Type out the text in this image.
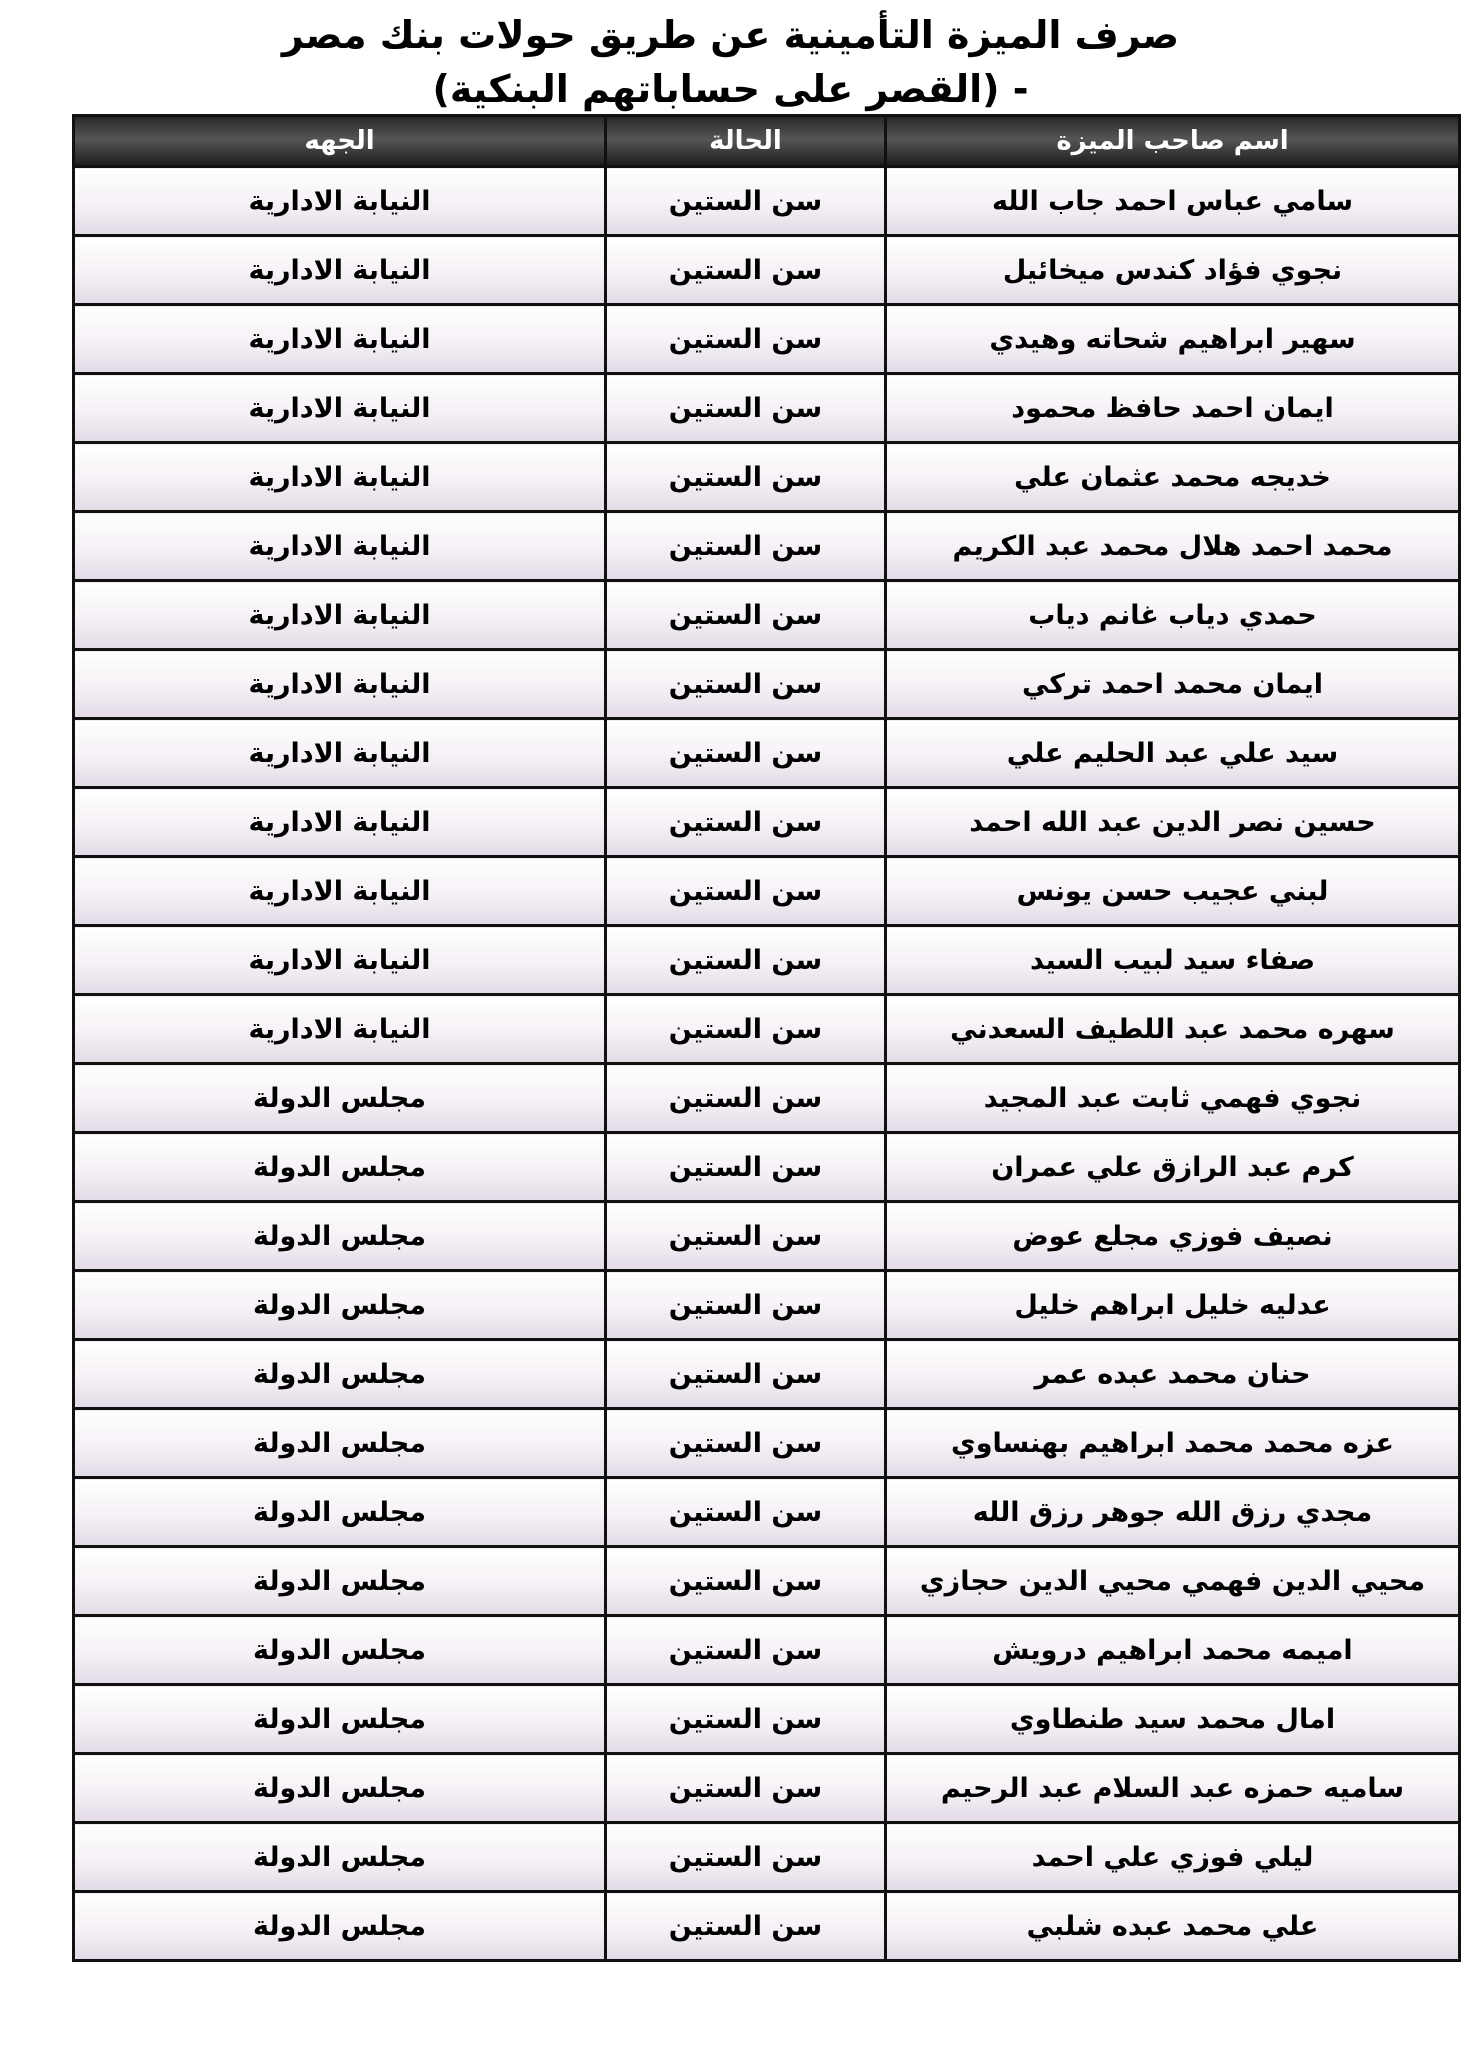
صرف الميزة التأمينية عن طريق حولات بنك مصر
- (القصر على حساباتهم البنكية)
اسم صاحب الميزة	الحالة	الجهه
سامي عباس احمد جاب الله	سن الستين	النيابة الادارية
نجوي فؤاد كندس ميخائيل	سن الستين	النيابة الادارية
سهير ابراهيم شحاته وهيدي	سن الستين	النيابة الادارية
ايمان احمد حافظ محمود	سن الستين	النيابة الادارية
خديجه محمد عثمان علي	سن الستين	النيابة الادارية
محمد احمد هلال محمد عبد الكريم	سن الستين	النيابة الادارية
حمدي دياب غانم دياب	سن الستين	النيابة الادارية
ايمان محمد احمد تركي	سن الستين	النيابة الادارية
سيد علي عبد الحليم علي	سن الستين	النيابة الادارية
حسين نصر الدين عبد الله احمد	سن الستين	النيابة الادارية
لبني عجيب حسن يونس	سن الستين	النيابة الادارية
صفاء سيد لبيب السيد	سن الستين	النيابة الادارية
سهره محمد عبد اللطيف السعدني	سن الستين	النيابة الادارية
نجوي فهمي ثابت عبد المجيد	سن الستين	مجلس الدولة
كرم عبد الرازق علي عمران	سن الستين	مجلس الدولة
نصيف فوزي مجلع عوض	سن الستين	مجلس الدولة
عدليه خليل ابراهم خليل	سن الستين	مجلس الدولة
حنان محمد عبده عمر	سن الستين	مجلس الدولة
عزه محمد محمد ابراهيم بهنساوي	سن الستين	مجلس الدولة
مجدي رزق الله جوهر رزق الله	سن الستين	مجلس الدولة
محيي الدين فهمي محيي الدين حجازي	سن الستين	مجلس الدولة
اميمه محمد ابراهيم درويش	سن الستين	مجلس الدولة
امال محمد سيد طنطاوي	سن الستين	مجلس الدولة
ساميه حمزه عبد السلام عبد الرحيم	سن الستين	مجلس الدولة
ليلي فوزي علي احمد	سن الستين	مجلس الدولة
علي محمد عبده شلبي	سن الستين	مجلس الدولة
